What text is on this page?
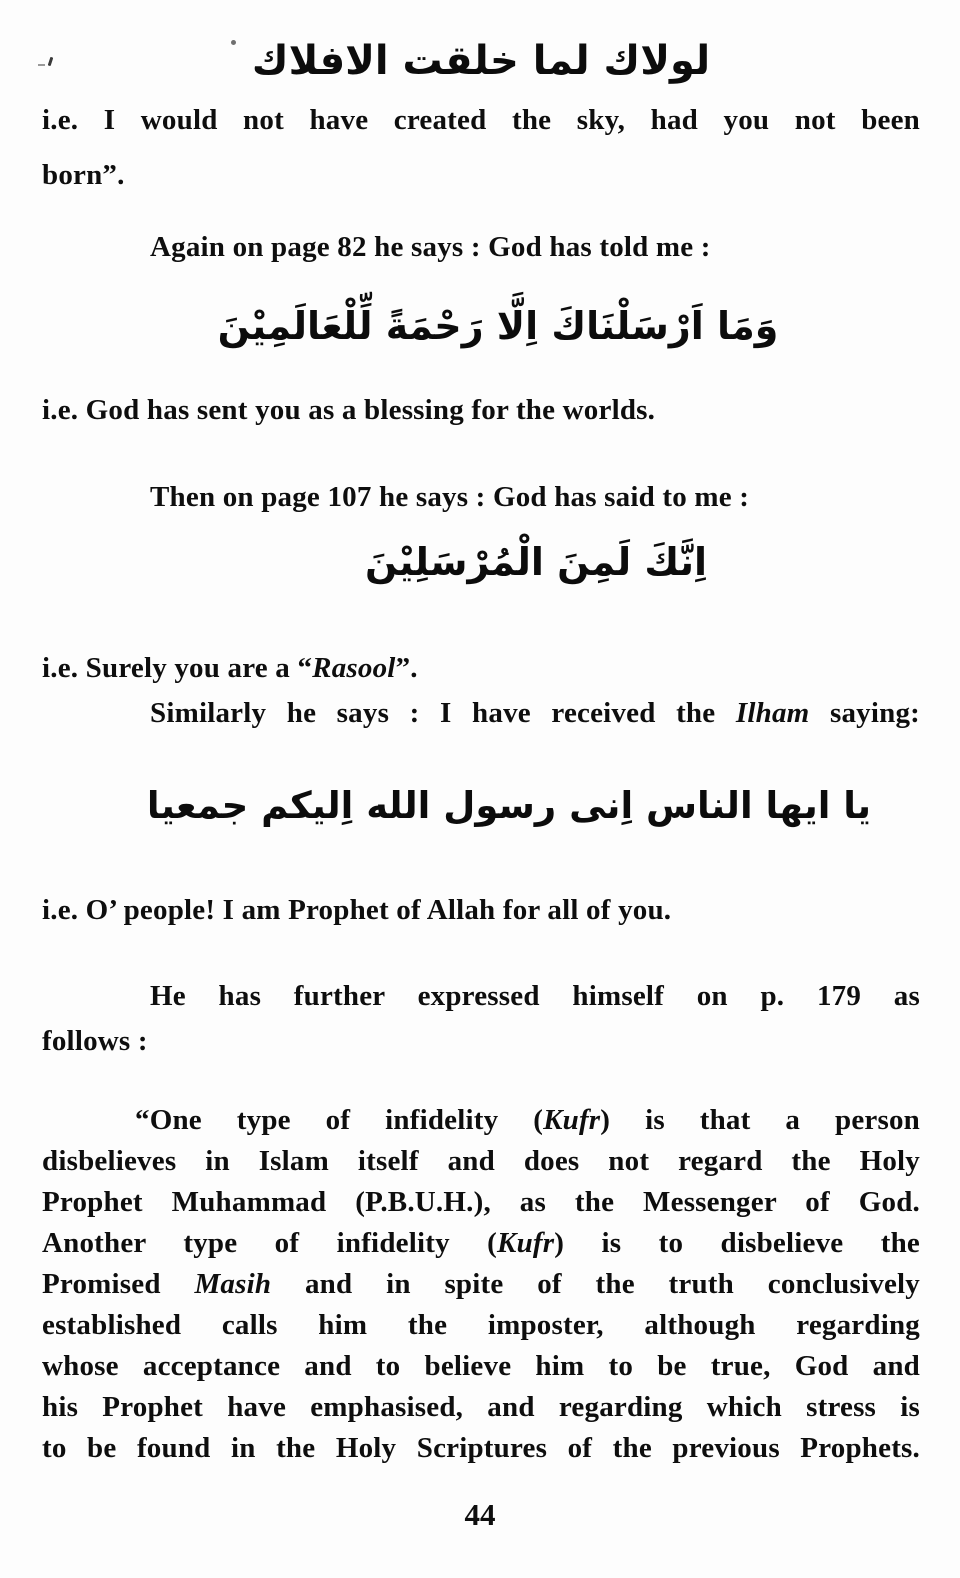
لولاك لما خلقت الافلاك
i.e. I would not have created the sky, had you not been
born”.
Again on page 82 he says : God has told me :
وَمَا اَرْسَلْنَاكَ اِلَّا رَحْمَةً لِّلْعَالَمِيْنَ
i.e. God has sent you as a blessing for the worlds.
Then on page 107 he says : God has said to me :
اِنَّكَ لَمِنَ الْمُرْسَلِيْنَ
i.e. Surely you are a “Rasool”.
Similarly he says : I have received the Ilham saying:
يا ايها الناس اِنى رسول الله اِليكم جمعيا
i.e. O’ people! I am Prophet of Allah for all of you.
He has further expressed himself on p. 179 as
follows :
“One type of infidelity (Kufr) is that a person
disbelieves in Islam itself and does not regard the Holy
Prophet Muhammad (P.B.U.H.), as the Messenger of God.
Another type of infidelity (Kufr) is to disbelieve the
Promised Masih and in spite of the truth conclusively
established calls him the imposter, although regarding
whose acceptance and to believe him to be true, God and
his Prophet have emphasised, and regarding which stress is
to be found in the Holy Scriptures of the previous Prophets.
44
